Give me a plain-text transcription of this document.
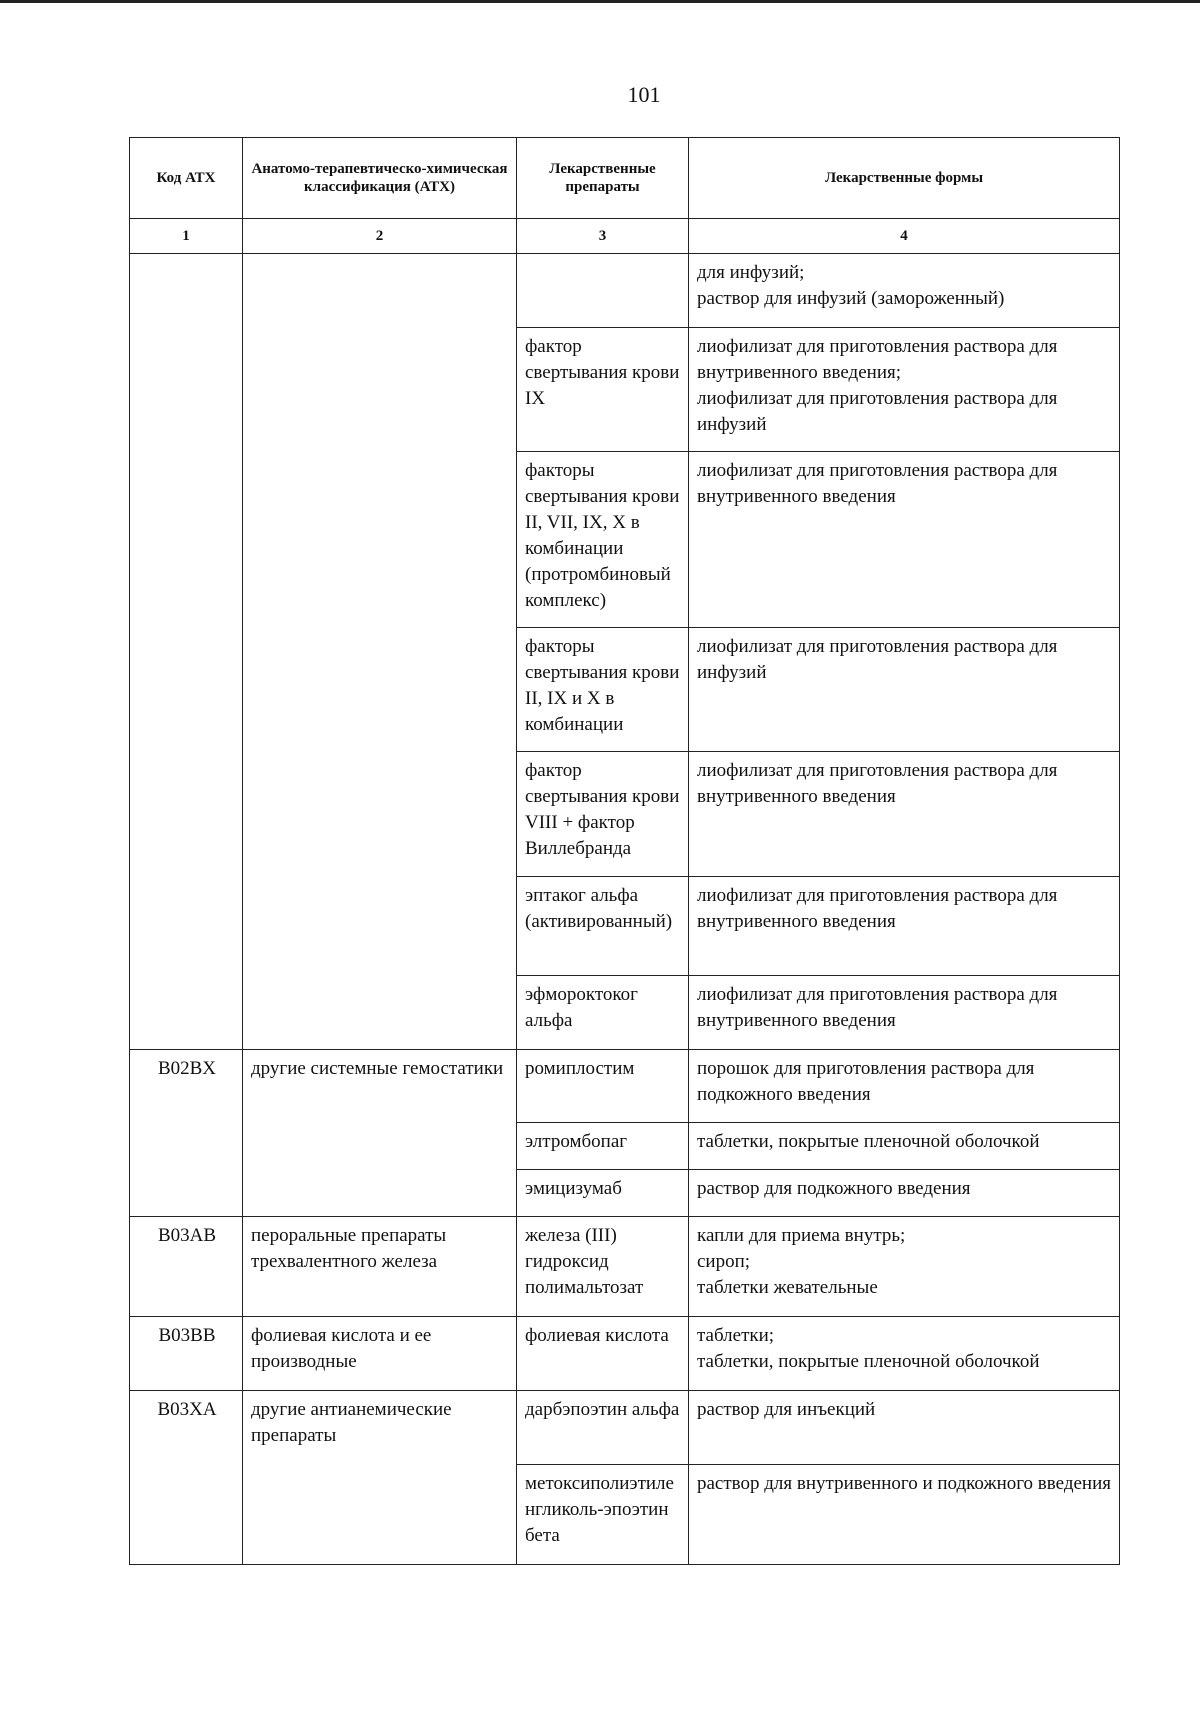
101
Код АТХ	Анатомо-терапевтическо-химическая классификация (АТХ)	Лекарственные препараты	Лекарственные формы
1	2	3	4
			для инфузий;
раствор для инфузий (замороженный)
		фактор свертывания крови IX	лиофилизат для приготовления раствора для внутривенного введения;
лиофилизат для приготовления раствора для инфузий
		факторы свертывания крови II, VII, IX, X в комбинации (протромбиновый комплекс)	лиофилизат для приготовления раствора для внутривенного введения
		факторы свертывания крови II, IX и X в комбинации	лиофилизат для приготовления раствора для инфузий
		фактор свертывания крови VIII + фактор Виллебранда	лиофилизат для приготовления раствора для внутривенного введения
		эптаког альфа (активированный)	лиофилизат для приготовления раствора для внутривенного введения
		эфмороктоког альфа	лиофилизат для приготовления раствора для внутривенного введения
B02BX	другие системные гемостатики	ромиплостим	порошок для приготовления раствора для подкожного введения
		элтромбопаг	таблетки, покрытые пленочной оболочкой
		эмицизумаб	раствор для подкожного введения
B03AB	пероральные препараты трехвалентного железа	железа (III) гидроксид полимальтозат	капли для приема внутрь;
сироп;
таблетки жевательные
B03BB	фолиевая кислота и ее производные	фолиевая кислота	таблетки;
таблетки, покрытые пленочной оболочкой
B03XA	другие антианемические препараты	дарбэпоэтин альфа	раствор для инъекций
		метоксиполиэтиленгликоль-эпоэтин бета	раствор для внутривенного и подкожного введения
